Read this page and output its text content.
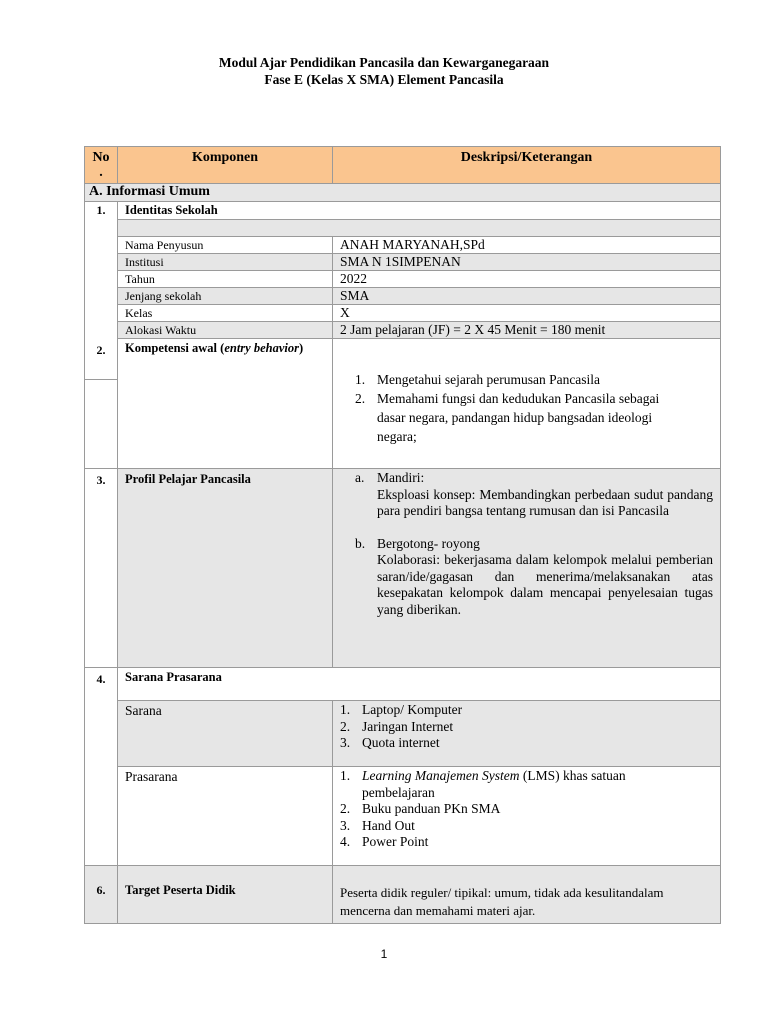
Modul Ajar Pendidikan Pancasila dan Kewarganegaraan
Fase E (Kelas X SMA) Element Pancasila
No
.
Komponen	Deskripsi/Keterangan
A. Informasi Umum
1.	Identitas Sekolah
Nama Penyusun	ANAH MARYANAH,SPd
Institusi	SMA N 1SIMPENAN
Tahun	2022
Jenjang sekolah	SMA
Kelas	X
Alokasi Waktu	2 Jam pelajaran (JF) = 2 X 45 Menit = 180 menit
2.	Kompetensi awal (entry behavior)
1. Mengetahui sejarah perumusan Pancasila
2. Memahami fungsi dan kedudukan Pancasila sebagai
dasar negara, pandangan hidup bangsadan ideologi
negara;
3.	Profil Pelajar Pancasila	a. Mandiri:
Eksploasi konsep: Membandingkan perbedaan sudut pandang para pendiri bangsa tentang rumusan dan isi Pancasila
b. Bergotong- royong
Kolaborasi: bekerjasama dalam kelompok melalui pemberian saran/ide/gagasan dan menerima/melaksanakan atas kesepakatan kelompok dalam mencapai penyelesaian tugas yang diberikan.
4.	Sarana Prasarana
Sarana	1. Laptop/ Komputer
2. Jaringan Internet
3. Quota internet
Prasarana	1. Learning Manajemen System (LMS) khas satuan
pembelajaran
2. Buku panduan PKn SMA
3. Hand Out
4. Power Point
6.	Target Peserta Didik	Peserta didik reguler/ tipikal: umum, tidak ada kesulitandalam
mencerna dan memahami materi ajar.
1
